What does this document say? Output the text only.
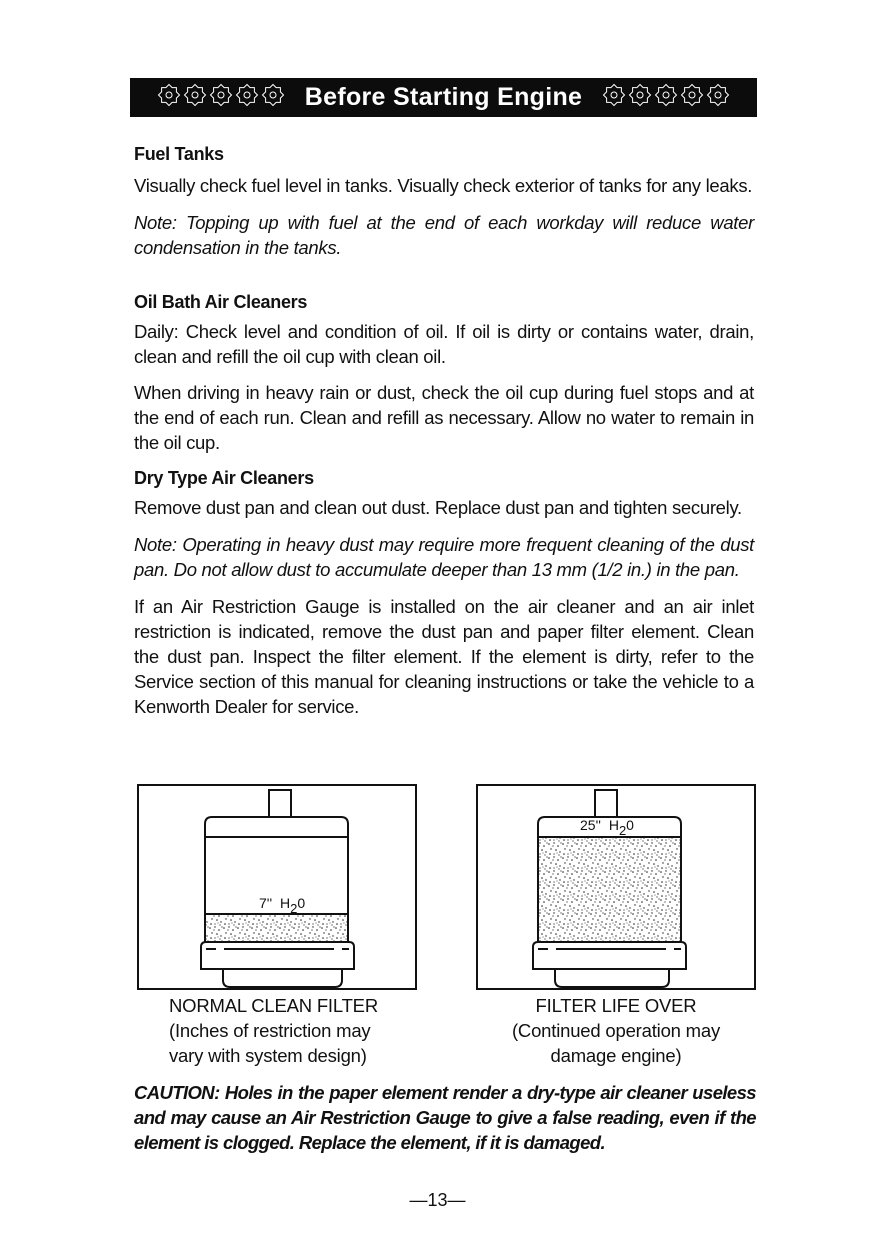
Before Starting Engine

Fuel Tanks

Visually check fuel level in tanks. Visually check exterior of tanks for any leaks.

Note: Topping up with fuel at the end of each workday will reduce water condensation in the tanks.

Oil Bath Air Cleaners

Daily: Check level and condition of oil. If oil is dirty or contains water, drain, clean and refill the oil cup with clean oil.

When driving in heavy rain or dust, check the oil cup during fuel stops and at the end of each run. Clean and refill as necessary. Allow no water to remain in the oil cup.

Dry Type Air Cleaners

Remove dust pan and clean out dust. Replace dust pan and tighten securely.

Note: Operating in heavy dust may require more frequent cleaning of the dust pan. Do not allow dust to accumulate deeper than 13 mm (1/2 in.) in the pan.

If an Air Restriction Gauge is installed on the air cleaner and an air inlet restriction is indicated, remove the dust pan and paper filter element. Clean the dust pan. Inspect the filter element. If the element is dirty, refer to the Service section of this manual for cleaning instructions or take the vehicle to a Kenworth Dealer for service.

7'' H20
25'' H20
NORMAL CLEAN FILTER
(Inches of restriction may
vary with system design)
FILTER LIFE OVER
(Continued operation may
damage engine)
CAUTION: Holes in the paper element render a dry-type air cleaner useless and may cause an Air Restriction Gauge to give a false reading, even if the element is clogged. Replace the element, if it is damaged.
—13—
